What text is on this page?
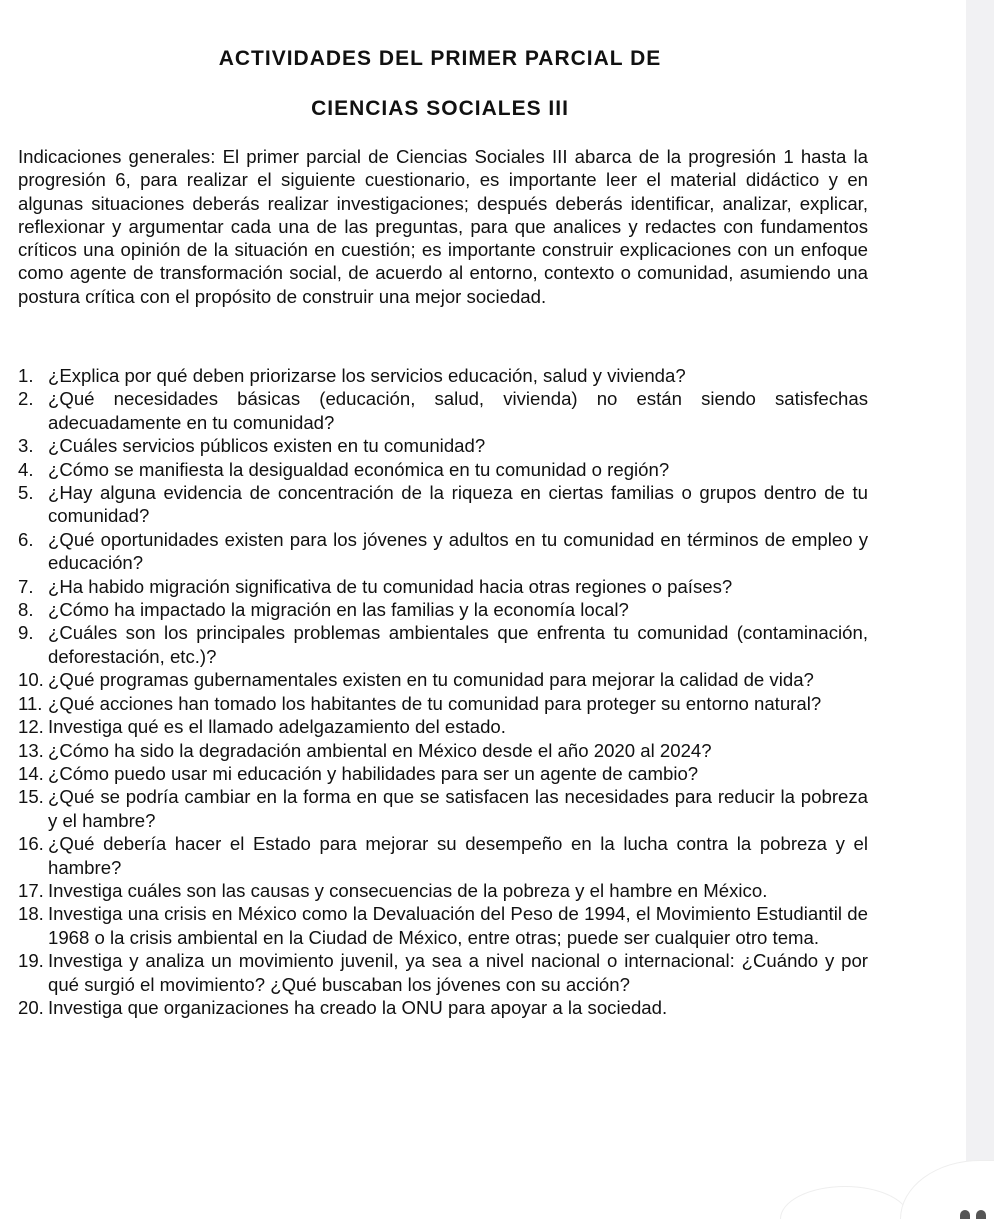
ACTIVIDADES DEL PRIMER PARCIAL DE
CIENCIAS SOCIALES III
Indicaciones generales: El primer parcial de Ciencias Sociales III abarca de la progresión 1 hasta la progresión 6, para realizar el siguiente cuestionario, es importante leer el material didáctico y en algunas situaciones deberás realizar investigaciones; después deberás identificar, analizar, explicar, reflexionar y argumentar cada una de las preguntas, para que analices y redactes con fundamentos críticos una opinión de la situación en cuestión; es importante construir explicaciones con un enfoque como agente de transformación social, de acuerdo al entorno, contexto o comunidad, asumiendo una postura crítica con el propósito de construir una mejor sociedad.
1. ¿Explica por qué deben priorizarse los servicios educación, salud y vivienda?
2. ¿Qué necesidades básicas (educación, salud, vivienda) no están siendo satisfechas adecuadamente en tu comunidad?
3. ¿Cuáles servicios públicos existen en tu comunidad?
4. ¿Cómo se manifiesta la desigualdad económica en tu comunidad o región?
5. ¿Hay alguna evidencia de concentración de la riqueza en ciertas familias o grupos dentro de tu comunidad?
6. ¿Qué oportunidades existen para los jóvenes y adultos en tu comunidad en términos de empleo y educación?
7. ¿Ha habido migración significativa de tu comunidad hacia otras regiones o países?
8. ¿Cómo ha impactado la migración en las familias y la economía local?
9. ¿Cuáles son los principales problemas ambientales que enfrenta tu comunidad (contaminación, deforestación, etc.)?
10. ¿Qué programas gubernamentales existen en tu comunidad para mejorar la calidad de vida?
11. ¿Qué acciones han tomado los habitantes de tu comunidad para proteger su entorno natural?
12. Investiga qué es el llamado adelgazamiento del estado.
13. ¿Cómo ha sido la degradación ambiental en México desde el año 2020 al 2024?
14. ¿Cómo puedo usar mi educación y habilidades para ser un agente de cambio?
15. ¿Qué se podría cambiar en la forma en que se satisfacen las necesidades para reducir la pobreza y el hambre?
16. ¿Qué debería hacer el Estado para mejorar su desempeño en la lucha contra la pobreza y el hambre?
17. Investiga cuáles son las causas y consecuencias de la pobreza y el hambre en México.
18. Investiga una crisis en México como la Devaluación del Peso de 1994, el Movimiento Estudiantil de 1968 o la crisis ambiental en la Ciudad de México, entre otras; puede ser cualquier otro tema.
19. Investiga y analiza un movimiento juvenil, ya sea a nivel nacional o internacional: ¿Cuándo y por qué surgió el movimiento? ¿Qué buscaban los jóvenes con su acción?
20. Investiga que organizaciones ha creado la ONU para apoyar a la sociedad.
